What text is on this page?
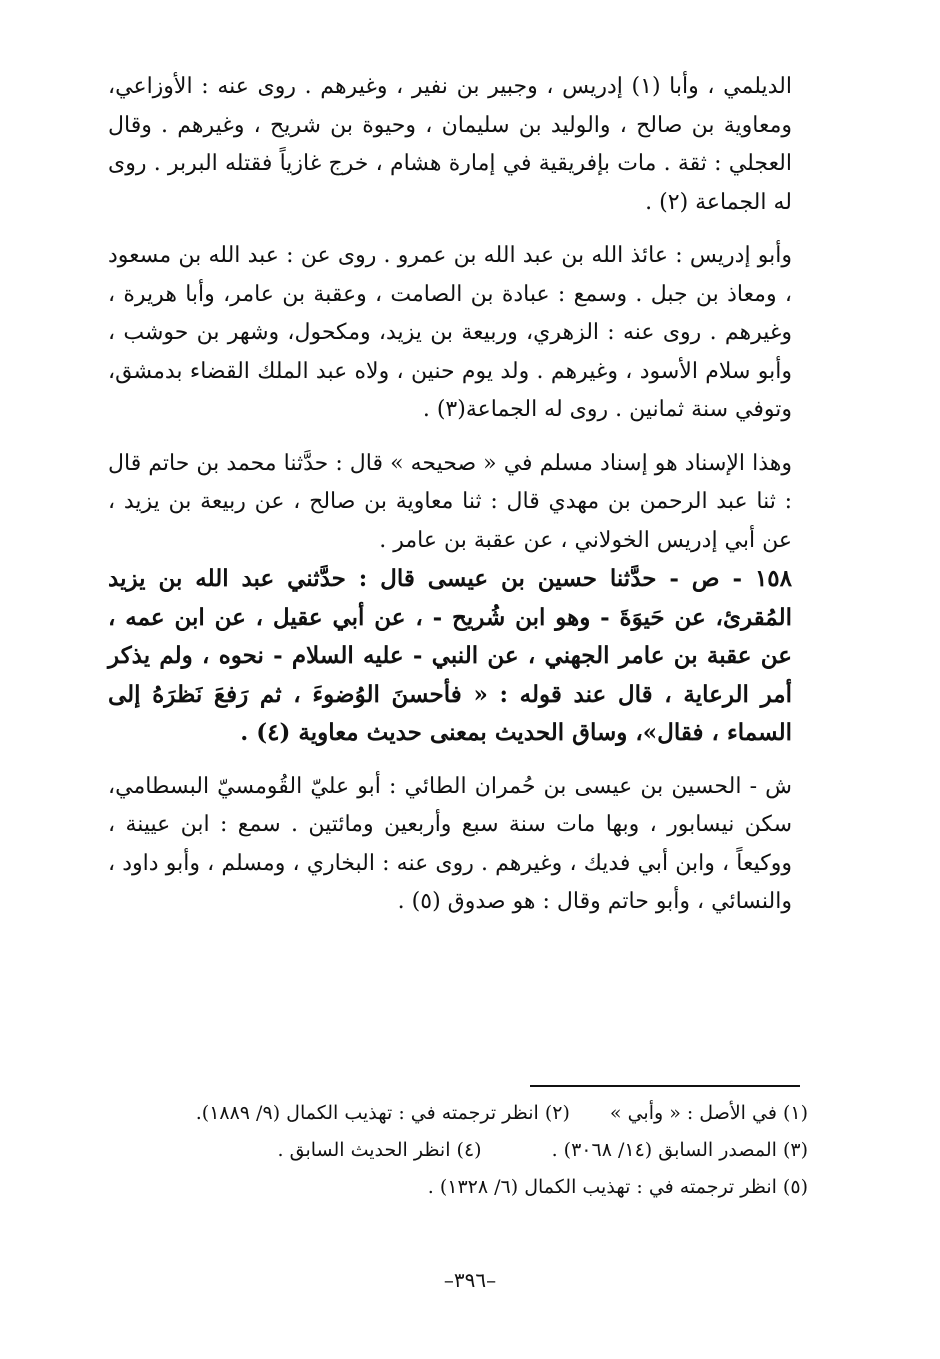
الديلمي ، وأبا (١) إدريس ، وجبير بن نفير ، وغيرهم . روى عنه : الأوزاعي، ومعاوية بن صالح ، والوليد بن سليمان ، وحيوة بن شريح ، وغيرهم . وقال العجلي : ثقة . مات بإفريقية في إمارة هشام ، خرج غازياً فقتله البربر . روى له الجماعة (٢) .

وأبو إدريس : عائذ الله بن عبد الله بن عمرو . روى عن : عبد الله بن مسعود ، ومعاذ بن جبل . وسمع : عبادة بن الصامت ، وعقبة بن عامر، وأبا هريرة ، وغيرهم . روى عنه : الزهري، وربيعة بن يزيد، ومكحول، وشهر بن حوشب ، وأبو سلام الأسود ، وغيرهم . ولد يوم حنين ، ولاه عبد الملك القضاء بدمشق، وتوفي سنة ثمانين . روى له الجماعة(٣) .

وهذا الإسناد هو إسناد مسلم في « صحيحه » قال : حدَّثنا محمد بن حاتم قال : ثنا عبد الرحمن بن مهدي قال : ثنا معاوية بن صالح ، عن ربيعة بن يزيد ، عن أبي إدريس الخولاني ، عن عقبة بن عامر .

١٥٨ - ص - حدَّثنا حسين بن عيسى قال : حدَّثني عبد الله بن يزيد المُقرئ، عن حَيوَةَ - وهو ابن شُريح - ، عن أبي عقيل ، عن ابن عمه ، عن عقبة بن عامر الجهني ، عن النبي - عليه السلام - نحوه ، ولم يذكر أمر الرعاية ، قال عند قوله : « فأحسنَ الوُضوءَ ، ثم رَفعَ نَظرَهُ إلى السماء ، فقال»، وساق الحديث بمعنى حديث معاوية (٤) .

ش - الحسين بن عيسى بن حُمران الطائي : أبو عليّ القُومسيّ البسطامي، سكن نيسابور ، وبها مات سنة سبع وأربعين ومائتين . سمع : ابن عيينة ، ووكيعاً ، وابن أبي فديك ، وغيرهم . روى عنه : البخاري ، ومسلم ، وأبو داود ، والنسائي ، وأبو حاتم وقال : هو صدوق (٥) .

(١) في الأصل : « وأبي »(٢) انظر ترجمته في : تهذيب الكمال (٩/ ١٨٨٩).
(٣) المصدر السابق (١٤/ ٣٠٦٨) .(٤) انظر الحديث السابق .
(٥) انظر ترجمته في : تهذيب الكمال (٦/ ١٣٢٨) .
–٣٩٦–
